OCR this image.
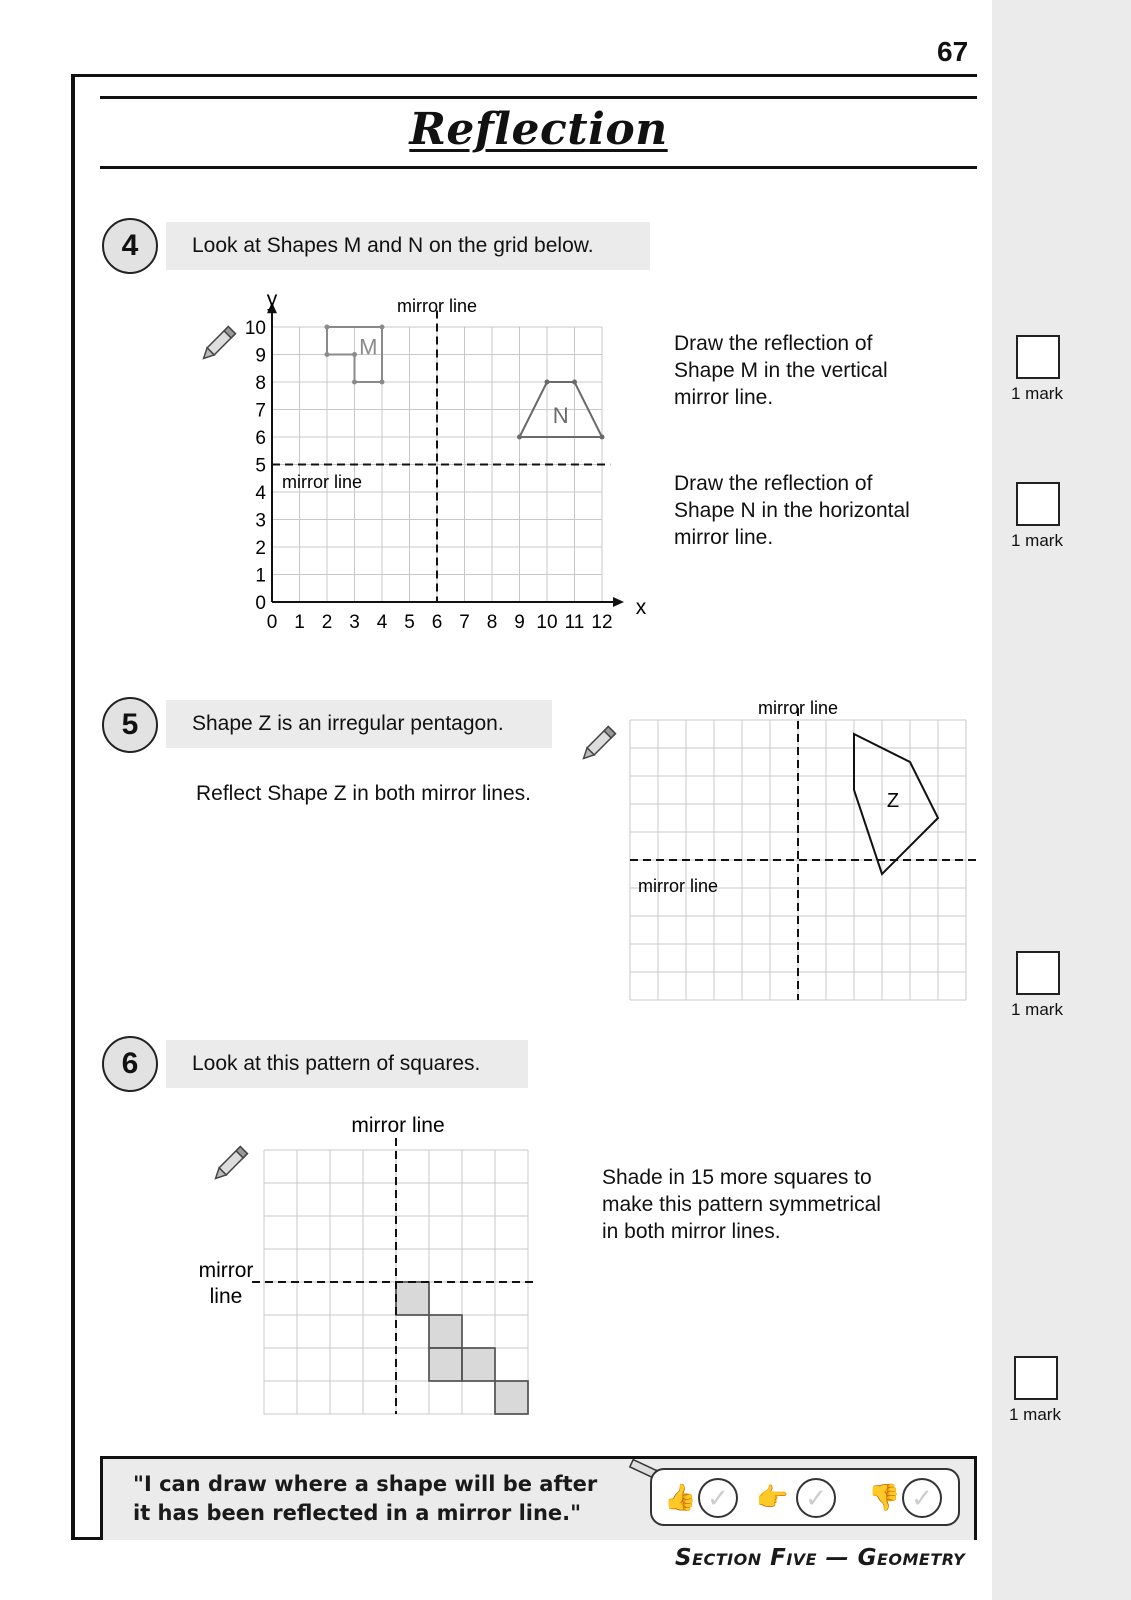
67
Reflection
4	Look at Shapes M and N on the grid below.
0 1 2 3 4 5 6 7 8 9 10 11 12
0
1
2
3
4
5
6
7
8
9
10
y
x
mirror line
mirror line
M
N
Draw the reflection of
Shape M in the vertical
mirror line.
Draw the reflection of
Shape N in the horizontal
mirror line.
1 mark
1 mark
5	Shape Z is an irregular pentagon.
Reflect Shape Z in both mirror lines.
mirror line
mirror line
Z
1 mark
6	Look at this pattern of squares.
mirror line
mirror
line
Shade in 15 more squares to
make this pattern symmetrical
in both mirror lines.
1 mark
"I can draw where a shape will be after
it has been reflected in a mirror line."
👍 ✓ 👉 ✓ 👎 ✓
Section Five — Geometry
